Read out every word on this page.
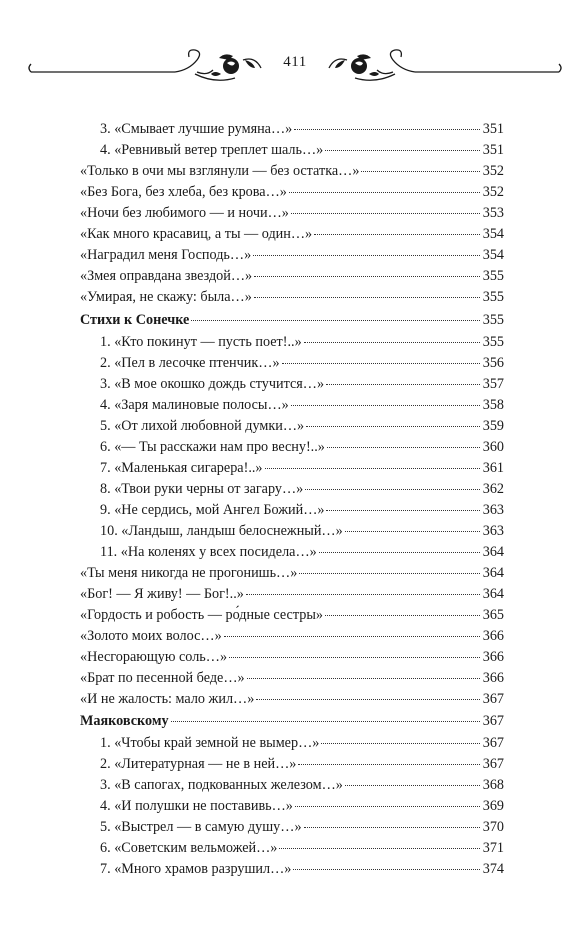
411
3. «Смывает лучшие румяна…»	351
4. «Ревнивый ветер треплет шаль…»	351
«Только в очи мы взглянули — без остатка…»	352
«Без Бога, без хлеба, без крова…»	352
«Ночи без любимого — и ночи…»	353
«Как много красавиц, а ты — один…»	354
«Наградил меня Господь…»	354
«Змея оправдана звездой…»	355
«Умирая, не скажу: была…»	355
Стихи к Сонечке	355
1. «Кто покинут — пусть поет!..»	355
2. «Пел в лесочке птенчик…»	356
3. «В мое окошко дождь стучится…»	357
4. «Заря малиновые полосы…»	358
5. «От лихой любовной думки…»	359
6. «— Ты расскажи нам про весну!..»	360
7. «Маленькая сигарера!..»	361
8. «Твои руки черны от загару…»	362
9. «Не сердись, мой Ангел Божий…»	363
10. «Ландыш, ландыш белоснежный…»	363
11. «На коленях у всех посидела…»	364
«Ты меня никогда не прогонишь…»	364
«Бог! — Я живу! — Бог!..»	364
«Гордость и робость — ро́дные сестры»	365
«Золото моих волос…»	366
«Несгорающую соль…»	366
«Брат по песенной беде…»	366
«И не жалость: мало жил…»	367
Маяковскому	367
1. «Чтобы край земной не вымер…»	367
2. «Литературная — не в ней…»	367
3. «В сапогах, подкованных железом…»	368
4. «И полушки не поставивь…»	369
5. «Выстрел — в самую душу…»	370
6. «Советским вельможей…»	371
7. «Много храмов разрушил…»	374
